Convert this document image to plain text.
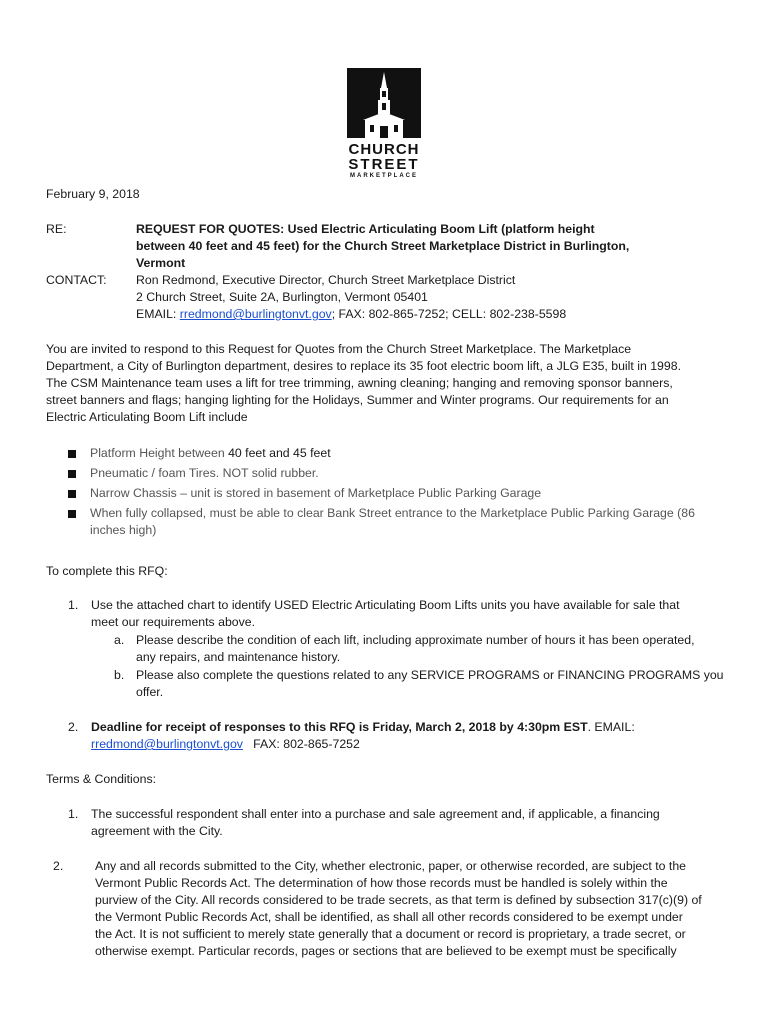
CHURCH
STREET
MARKETPLACE
February 9, 2018
RE:	REQUEST FOR QUOTES: Used Electric Articulating Boom Lift (platform height
between 40 feet and 45 feet) for the Church Street Marketplace District in Burlington,
Vermont
CONTACT: Ron Redmond, Executive Director, Church Street Marketplace District
2 Church Street, Suite 2A, Burlington, Vermont 05401
EMAIL: rredmond@burlingtonvt.gov; FAX: 802-865-7252; CELL: 802-238-5598
You are invited to respond to this Request for Quotes from the Church Street Marketplace. The Marketplace
Department, a City of Burlington department, desires to replace its 35 foot electric boom lift, a JLG E35, built in 1998.
The CSM Maintenance team uses a lift for tree trimming, awning cleaning; hanging and removing sponsor banners,
street banners and flags; hanging lighting for the Holidays, Summer and Winter programs. Our requirements for an
Electric Articulating Boom Lift include
Platform Height between 40 feet and 45 feet
Pneumatic / foam Tires. NOT solid rubber.
Narrow Chassis – unit is stored in basement of Marketplace Public Parking Garage
When fully collapsed, must be able to clear Bank Street entrance to the Marketplace Public Parking Garage (86
inches high)
To complete this RFQ:
1. Use the attached chart to identify USED Electric Articulating Boom Lifts units you have available for sale that
meet our requirements above.
a. Please describe the condition of each lift, including approximate number of hours it has been operated,
any repairs, and maintenance history.
b. Please also complete the questions related to any SERVICE PROGRAMS or FINANCING PROGRAMS you
offer.
2. Deadline for receipt of responses to this RFQ is Friday, March 2, 2018 by 4:30pm EST. EMAIL:
rredmond@burlingtonvt.gov   FAX: 802-865-7252
Terms & Conditions:
1. The successful respondent shall enter into a purchase and sale agreement and, if applicable, a financing
agreement with the City.
2.	Any and all records submitted to the City, whether electronic, paper, or otherwise recorded, are subject to the
Vermont Public Records Act. The determination of how those records must be handled is solely within the
purview of the City. All records considered to be trade secrets, as that term is defined by subsection 317(c)(9) of
the Vermont Public Records Act, shall be identified, as shall all other records considered to be exempt under
the Act. It is not sufficient to merely state generally that a document or record is proprietary, a trade secret, or
otherwise exempt. Particular records, pages or sections that are believed to be exempt must be specifically
